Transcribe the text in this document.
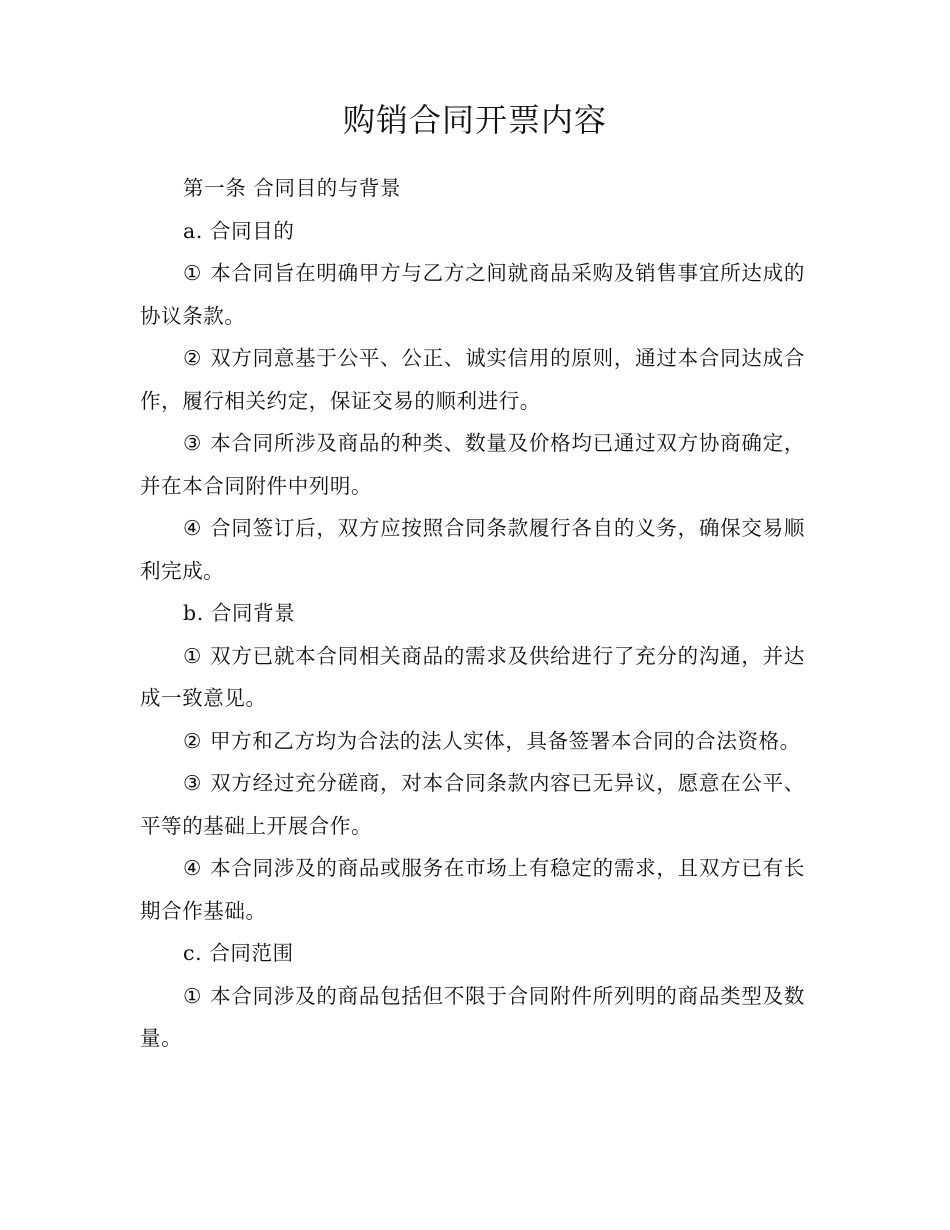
购销合同开票内容

第一条 合同目的与背景

a. 合同目的

① 本合同旨在明确甲方与乙方之间就商品采购及销售事宜所达成的协议条款。

② 双方同意基于公平、公正、诚实信用的原则，通过本合同达成合作，履行相关约定，保证交易的顺利进行。

③ 本合同所涉及商品的种类、数量及价格均已通过双方协商确定，并在本合同附件中列明。

④ 合同签订后，双方应按照合同条款履行各自的义务，确保交易顺利完成。

b. 合同背景

① 双方已就本合同相关商品的需求及供给进行了充分的沟通，并达成一致意见。

② 甲方和乙方均为合法的法人实体，具备签署本合同的合法资格。

③ 双方经过充分磋商，对本合同条款内容已无异议，愿意在公平、平等的基础上开展合作。

④ 本合同涉及的商品或服务在市场上有稳定的需求，且双方已有长期合作基础。

c. 合同范围

① 本合同涉及的商品包括但不限于合同附件所列明的商品类型及数量。
